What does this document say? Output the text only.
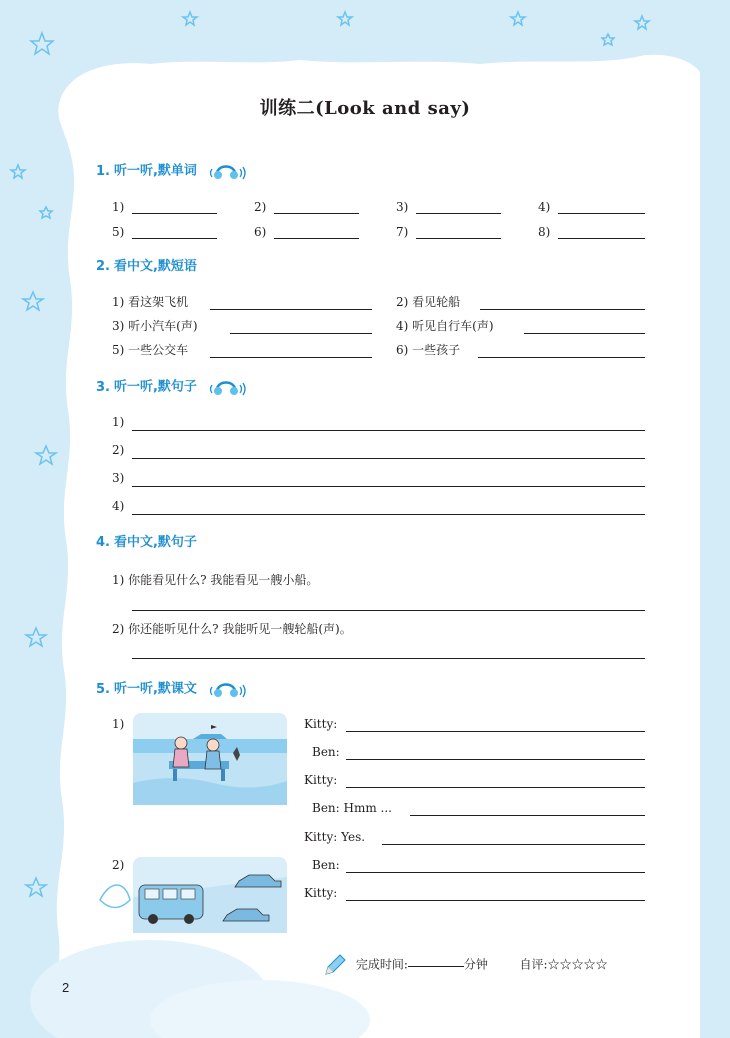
训练二(Look and say)
1. 听一听,默单词
1)	2)	3)	4)
5)	6)	7)	8)
2. 看中文,默短语
1) 看这架飞机	2) 看见轮船
3) 听小汽车(声)	4) 听见自行车(声)
5) 一些公交车	6) 一些孩子
3. 听一听,默句子
1)
2)
3)
4)
4. 看中文,默句子
1) 你能看见什么? 我能看见一艘小船。
2) 你还能听见什么? 我能听见一艘轮船(声)。
5. 听一听,默课文
1)
2)
Kitty:
Ben:
Kitty:
Ben: Hmm ...
Kitty: Yes.
Ben:
Kitty:
完成时间:	分钟	自评:☆☆☆☆☆
2
